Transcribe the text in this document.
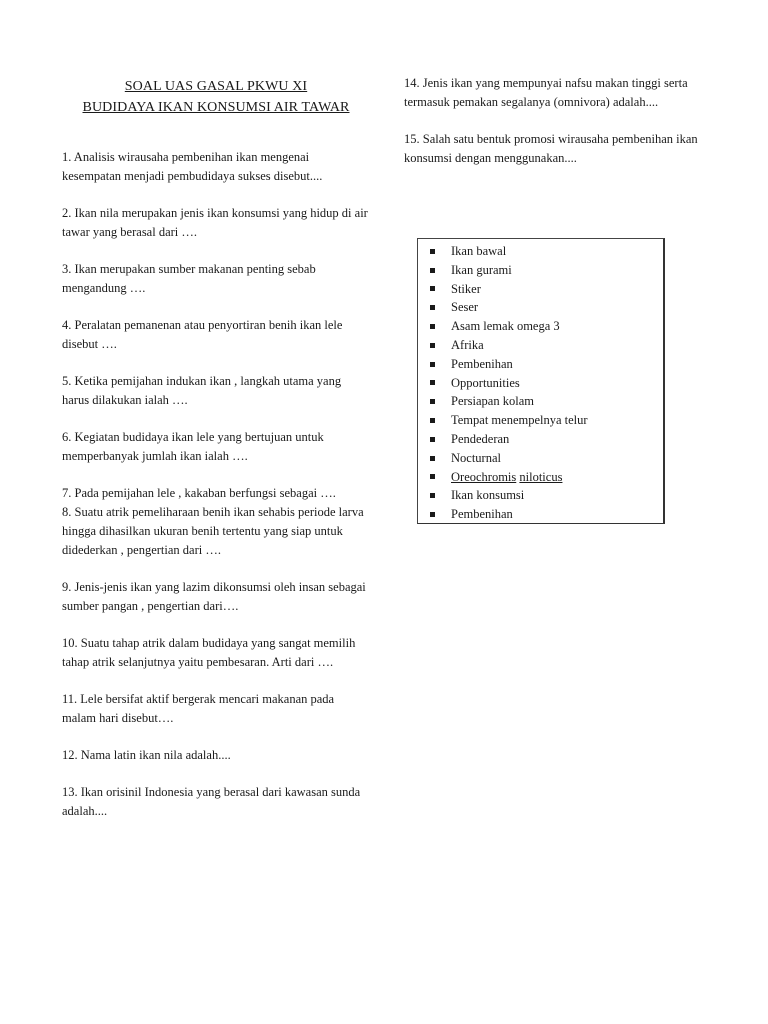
SOAL UAS GASAL PKWU XI
BUDIDAYA IKAN KONSUMSI AIR TAWAR
1. Analisis wirausaha pembenihan ikan mengenai kesempatan menjadi pembudidaya sukses disebut....
2. Ikan nila merupakan jenis ikan konsumsi yang hidup di air tawar yang berasal dari ….
3. Ikan merupakan sumber makanan penting sebab mengandung ….
4. Peralatan pemanenan atau penyortiran benih ikan lele disebut ….
5. Ketika pemijahan indukan ikan , langkah utama yang harus dilakukan ialah ….
6. Kegiatan budidaya ikan lele yang bertujuan untuk memperbanyak jumlah ikan ialah ….
7. Pada pemijahan lele , kakaban berfungsi sebagai ….
8. Suatu atrik pemeliharaan benih ikan sehabis periode larva hingga dihasilkan ukuran benih tertentu yang siap untuk didederkan , pengertian dari ….
9. Jenis-jenis ikan yang lazim dikonsumsi oleh insan sebagai sumber pangan , pengertian dari….
10. Suatu tahap atrik dalam budidaya yang sangat memilih tahap atrik selanjutnya yaitu pembesaran. Arti dari ….
11. Lele bersifat aktif bergerak mencari makanan pada malam hari disebut….
12. Nama latin ikan nila adalah....
13. Ikan orisinil Indonesia yang berasal dari kawasan sunda adalah....
14. Jenis ikan yang mempunyai nafsu makan tinggi serta termasuk pemakan segalanya (omnivora) adalah....
15. Salah satu bentuk promosi wirausaha pembenihan ikan konsumsi dengan menggunakan....
Ikan bawal
Ikan gurami
Stiker
Seser
Asam lemak omega 3
Afrika
Pembenihan
Opportunities
Persiapan kolam
Tempat menempelnya telur
Pendederan
Nocturnal
Oreochromis niloticus
Ikan konsumsi
Pembenihan
